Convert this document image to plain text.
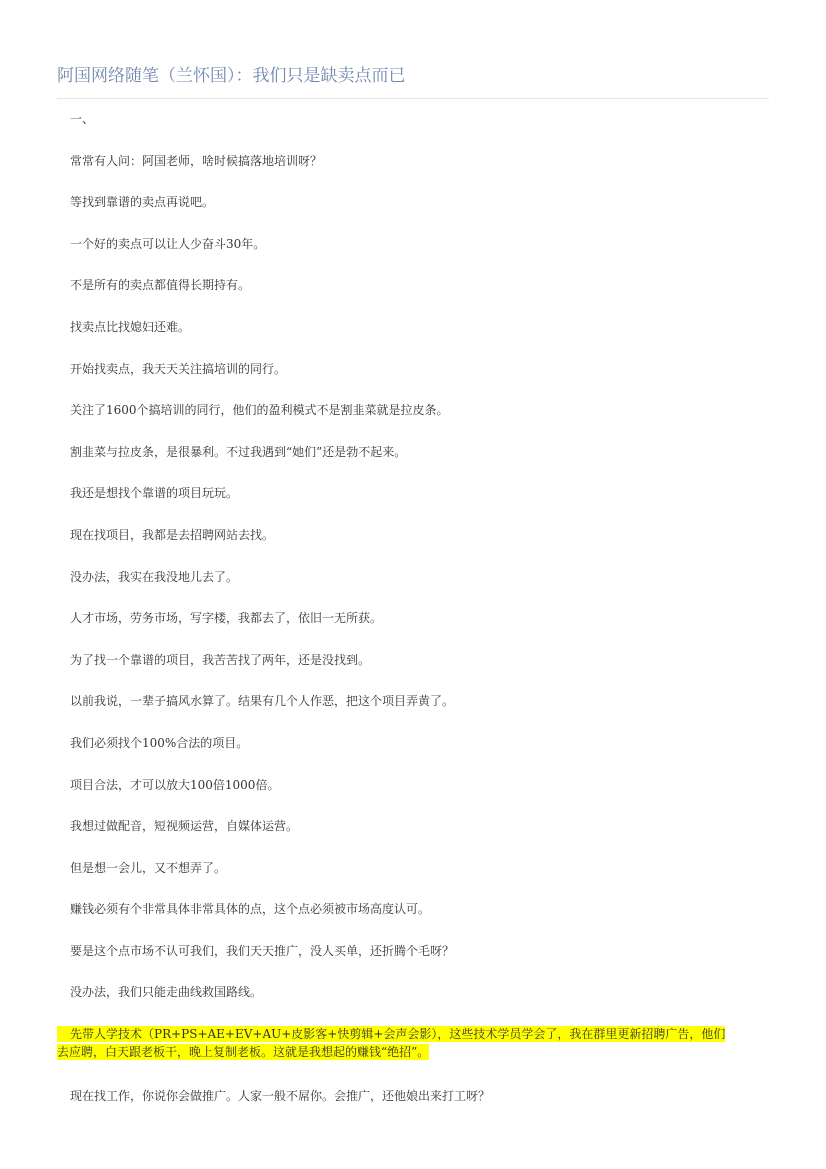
阿国网络随笔（兰怀国）：我们只是缺卖点而已
一、
常常有人问：阿国老师，啥时候搞落地培训呀？
等找到靠谱的卖点再说吧。
一个好的卖点可以让人少奋斗30年。
不是所有的卖点都值得长期持有。
找卖点比找媳妇还难。
开始找卖点，我天天关注搞培训的同行。
关注了1600个搞培训的同行，他们的盈利模式不是割韭菜就是拉皮条。
割韭菜与拉皮条，是很暴利。不过我遇到“她们”还是勃不起来。
我还是想找个靠谱的项目玩玩。
现在找项目，我都是去招聘网站去找。
没办法，我实在我没地儿去了。
人才市场，劳务市场，写字楼，我都去了，依旧一无所获。
为了找一个靠谱的项目，我苦苦找了两年，还是没找到。
以前我说，一辈子搞风水算了。结果有几个人作恶，把这个项目弄黄了。
我们必须找个100%合法的项目。
项目合法，才可以放大100倍1000倍。
我想过做配音，短视频运营，自媒体运营。
但是想一会儿，又不想弄了。
赚钱必须有个非常具体非常具体的点，这个点必须被市场高度认可。
要是这个点市场不认可我们，我们天天推广，没人买单，还折腾个毛呀？
没办法，我们只能走曲线救国路线。
先带人学技术（PR+PS+AE+EV+AU+皮影客+快剪辑+会声会影），这些技术学员学会了，我在群里更新招聘广告，他们
去应聘，白天跟老板干，晚上复制老板。这就是我想起的赚钱“绝招”。
现在找工作，你说你会做推广。人家一般不屌你。会推广，还他娘出来打工呀？
